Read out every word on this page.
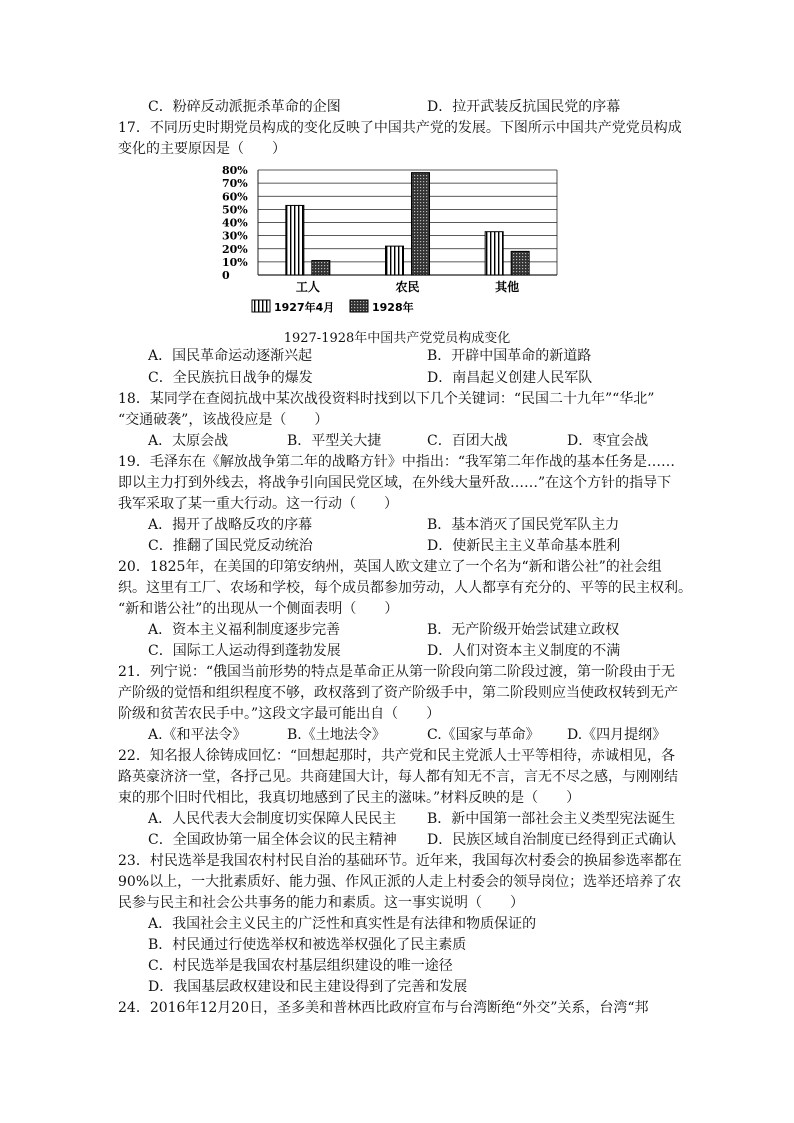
C．粉碎反动派扼杀革命的企图	D．拉开武装反抗国民党的序幕
17．不同历史时期党员构成的变化反映了中国共产党的发展。下图所示中国共产党党员构成
变化的主要原因是（　　）
80%
70%
60%
50%
40%
30%
20%
10%
0
工人	农民	其他
1927年4月	1928年
1927-1928年中国共产党党员构成变化
A．国民革命运动逐渐兴起	B．开辟中国革命的新道路
C．全民族抗日战争的爆发	D．南昌起义创建人民军队
18．某同学在查阅抗战中某次战役资料时找到以下几个关键词：“民国二十九年”“华北”
“交通破袭”，该战役应是（　　）
A．太原会战	B．平型关大捷	C．百团大战	D．枣宜会战
19．毛泽东在《解放战争第二年的战略方针》中指出：“我军第二年作战的基本任务是……
即以主力打到外线去，将战争引向国民党区域，在外线大量歼敌……”在这个方针的指导下
我军采取了某一重大行动。这一行动（　　）
A．揭开了战略反攻的序幕	B．基本消灭了国民党军队主力
C．推翻了国民党反动统治	D．使新民主主义革命基本胜利
20．1825年，在美国的印第安纳州，英国人欧文建立了一个名为“新和谐公社”的社会组
织。这里有工厂、农场和学校，每个成员都参加劳动，人人都享有充分的、平等的民主权利。
“新和谐公社”的出现从一个侧面表明（　　）
A．资本主义福利制度逐步完善	B．无产阶级开始尝试建立政权
C．国际工人运动得到蓬勃发展	D．人们对资本主义制度的不满
21．列宁说：“俄国当前形势的特点是革命正从第一阶段向第二阶段过渡，第一阶段由于无
产阶级的觉悟和组织程度不够，政权落到了资产阶级手中，第二阶段则应当使政权转到无产
阶级和贫苦农民手中。”这段文字最可能出自（　　）
A.《和平法令》	B.《土地法令》	C.《国家与革命》 D.《四月提纲》
22．知名报人徐铸成回忆：“回想起那时，共产党和民主党派人士平等相待，赤诚相见，各
路英豪济济一堂，各抒己见。共商建国大计，每人都有知无不言，言无不尽之感，与刚刚结
束的那个旧时代相比，我真切地感到了民主的滋味。”材料反映的是（　　）
A．人民代表大会制度切实保障人民民主 B．新中国第一部社会主义类型宪法诞生
C．全国政协第一届全体会议的民主精神 D．民族区域自治制度已经得到正式确认
23．村民选举是我国农村村民自治的基础环节。近年来，我国每次村委会的换届参选率都在
90%以上，一大批素质好、能力强、作风正派的人走上村委会的领导岗位；选举还培养了农
民参与民主和社会公共事务的能力和素质。这一事实说明（　　）
A．我国社会主义民主的广泛性和真实性是有法律和物质保证的
B．村民通过行使选举权和被选举权强化了民主素质
C．村民选举是我国农村基层组织建设的唯一途径
D．我国基层政权建设和民主建设得到了完善和发展
24．2016年12月20日，圣多美和普林西比政府宣布与台湾断绝“外交”关系，台湾“邦
